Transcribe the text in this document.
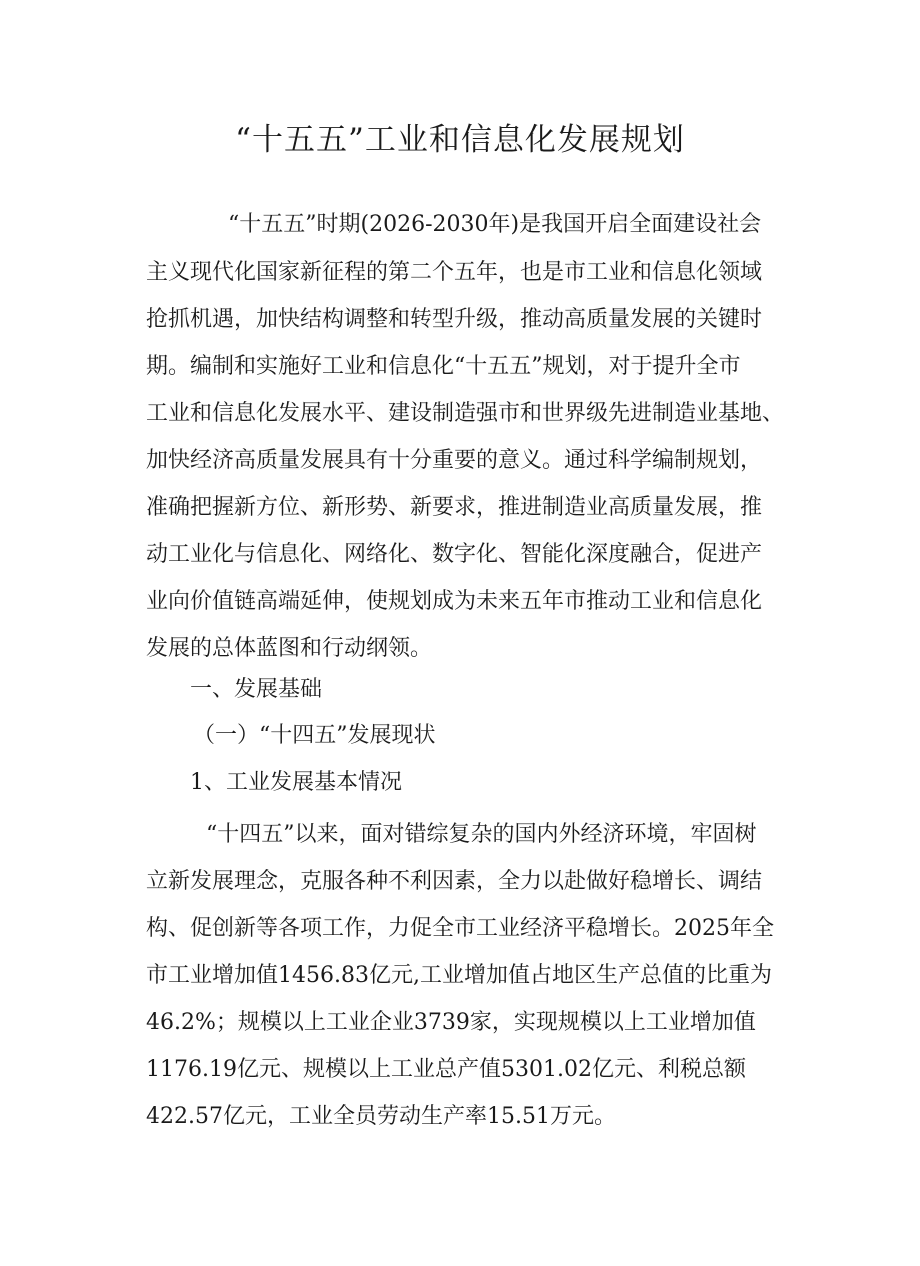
“十五五”工业和信息化发展规划

“十五五”时期(2026-2030年)是我国开启全面建设社会

主义现代化国家新征程的第二个五年，也是市工业和信息化领域

抢抓机遇，加快结构调整和转型升级，推动高质量发展的关键时

期。编制和实施好工业和信息化“十五五”规划，对于提升全市

工业和信息化发展水平、建设制造强市和世界级先进制造业基地、

加快经济高质量发展具有十分重要的意义。通过科学编制规划，

准确把握新方位、新形势、新要求，推进制造业高质量发展，推

动工业化与信息化、网络化、数字化、智能化深度融合，促进产

业向价值链高端延伸，使规划成为未来五年市推动工业和信息化

发展的总体蓝图和行动纲领。

一、发展基础

（一）“十四五”发展现状

1、工业发展基本情况

“十四五”以来，面对错综复杂的国内外经济环境，牢固树

立新发展理念，克服各种不利因素，全力以赴做好稳增长、调结

构、促创新等各项工作，力促全市工业经济平稳增长。2025年全

市工业增加值1456.83亿元,工业增加值占地区生产总值的比重为

46.2%；规模以上工业企业3739家，实现规模以上工业增加值

1176.19亿元、规模以上工业总产值5301.02亿元、利税总额

422.57亿元，工业全员劳动生产率15.51万元。
